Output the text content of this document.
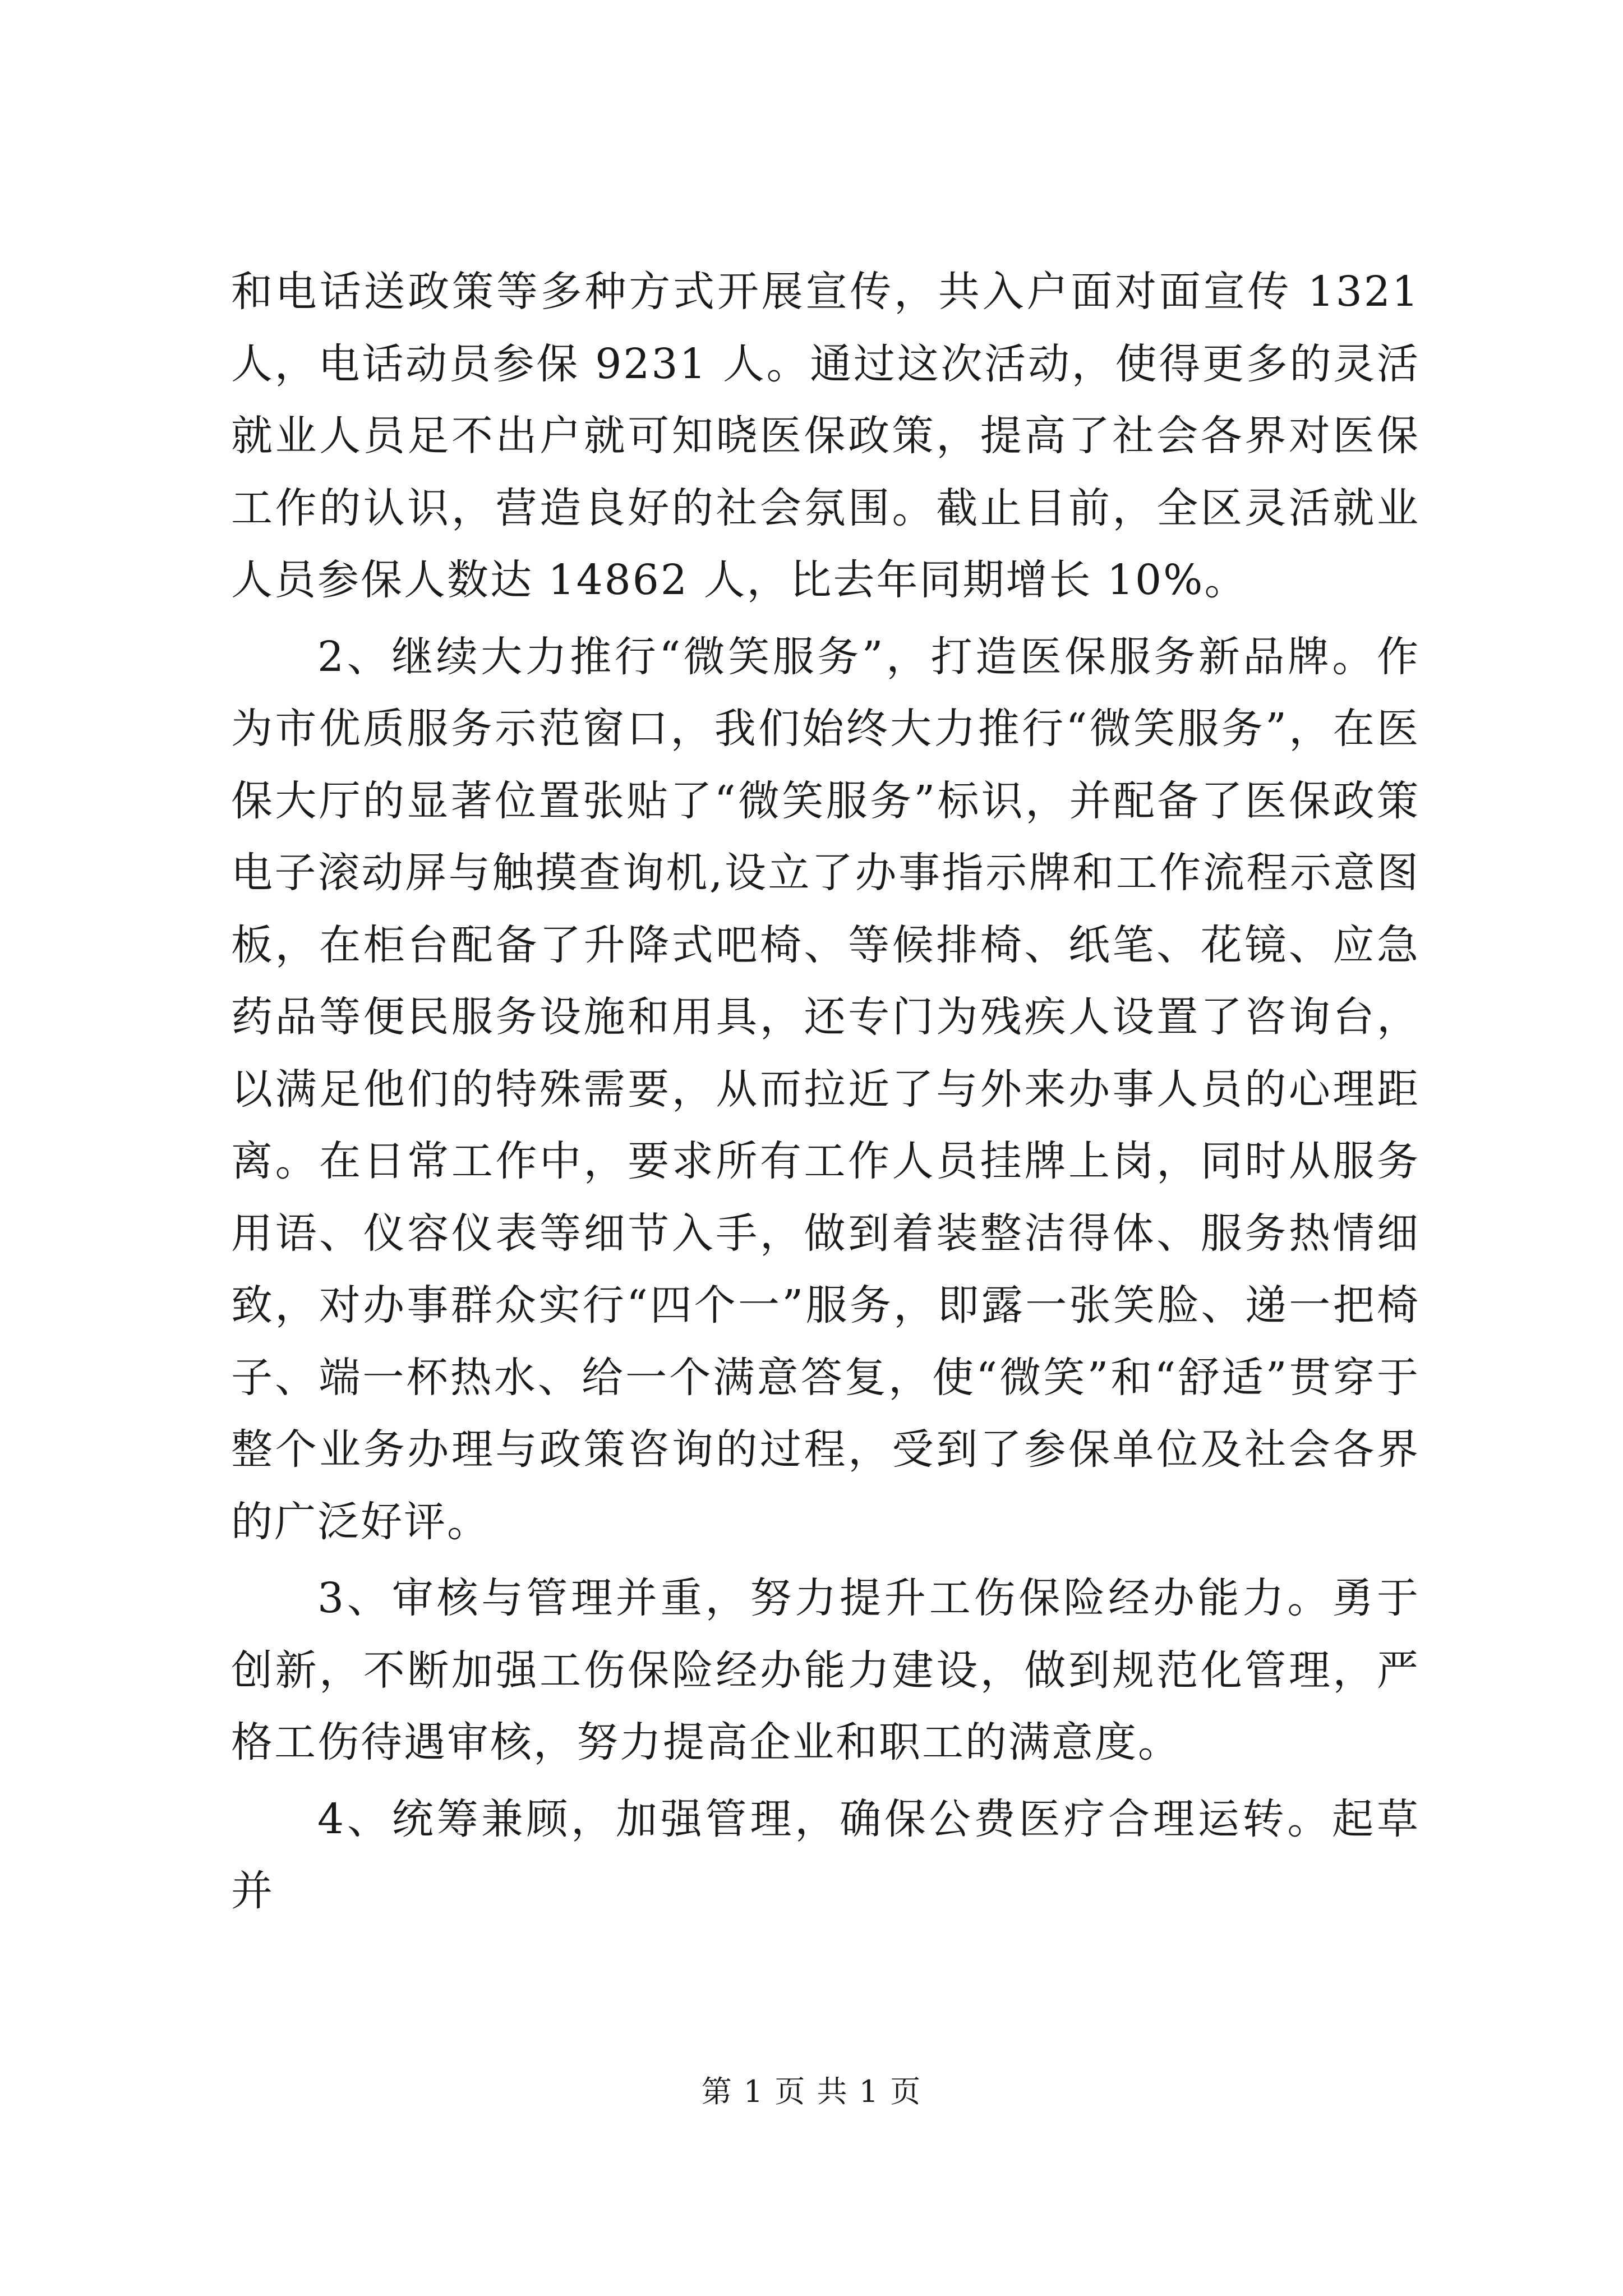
和电话送政策等多种方式开展宣传，共入户面对面宣传 1321 人，电话动员参保 9231 人。通过这次活动，使得更多的灵活就业人员足不出户就可知晓医保政策，提高了社会各界对医保工作的认识，营造良好的社会氛围。截止目前，全区灵活就业人员参保人数达 14862 人，比去年同期增长 10%。

2、继续大力推行“微笑服务”，打造医保服务新品牌。作为市优质服务示范窗口，我们始终大力推行“微笑服务”，在医保大厅的显著位置张贴了“微笑服务”标识，并配备了医保政策电子滚动屏与触摸查询机,设立了办事指示牌和工作流程示意图板，在柜台配备了升降式吧椅、等候排椅、纸笔、花镜、应急药品等便民服务设施和用具，还专门为残疾人设置了咨询台，以满足他们的特殊需要，从而拉近了与外来办事人员的心理距离。在日常工作中，要求所有工作人员挂牌上岗，同时从服务用语、仪容仪表等细节入手，做到着装整洁得体、服务热情细致，对办事群众实行“四个一”服务，即露一张笑脸、递一把椅子、端一杯热水、给一个满意答复，使“微笑”和“舒适”贯穿于整个业务办理与政策咨询的过程，受到了参保单位及社会各界的广泛好评。

3、审核与管理并重，努力提升工伤保险经办能力。勇于创新，不断加强工伤保险经办能力建设，做到规范化管理，严格工伤待遇审核，努力提高企业和职工的满意度。

4、统筹兼顾，加强管理，确保公费医疗合理运转。起草并

第 1 页 共 1 页
